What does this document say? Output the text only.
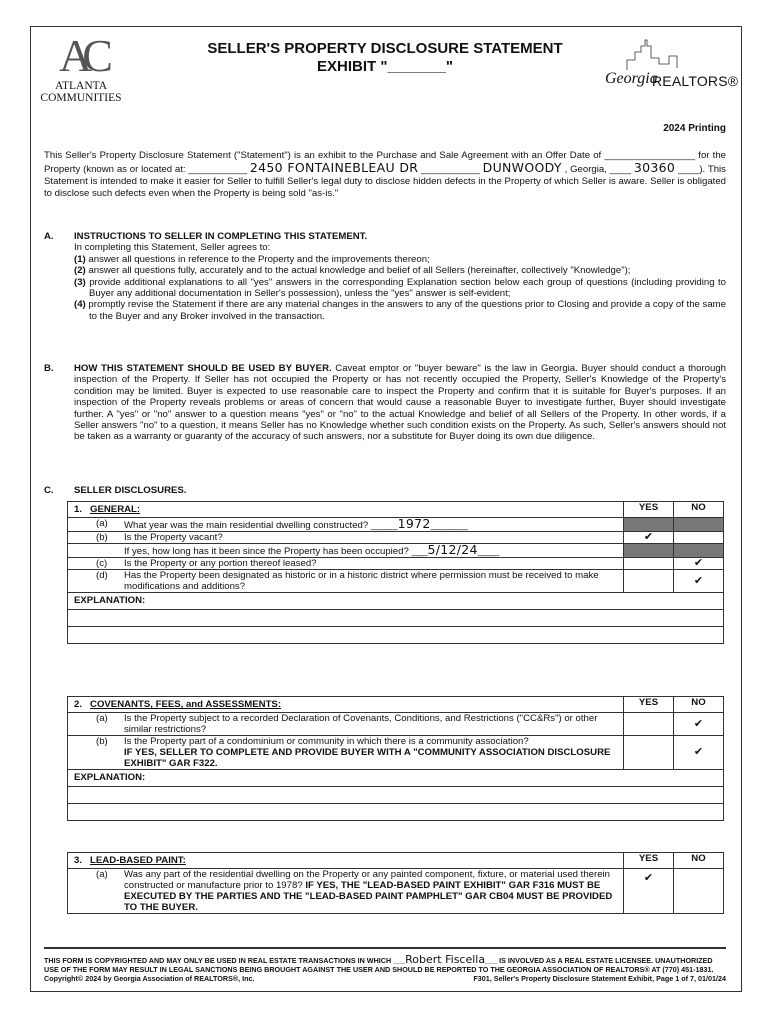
AC
ATLANTA
COMMUNITIES
SELLER'S PROPERTY DISCLOSURE STATEMENT
EXHIBIT "_______"
Georgia
REALTORS®
2024 Printing
This Seller's Property Disclosure Statement ("Statement") is an exhibit to the Purchase and Sale Agreement with an Offer Date of _________________ for the Property (known as or located at: ___________ 2450 FONTAINEBLEAU DR ___________ DUNWOODY , Georgia, ____ 30360 ____). This Statement is intended to make it easier for Seller to fulfill Seller's legal duty to disclose hidden defects in the Property of which Seller is aware. Seller is obligated to disclose such defects even when the Property is being sold "as-is."
A. INSTRUCTIONS TO SELLER IN COMPLETING THIS STATEMENT.
In completing this Statement, Seller agrees to:
(1) answer all questions in reference to the Property and the improvements thereon;
(2) answer all questions fully, accurately and to the actual knowledge and belief of all Sellers (hereinafter, collectively "Knowledge");
(3) provide additional explanations to all "yes" answers in the corresponding Explanation section below each group of questions (including providing to Buyer any additional documentation in Seller's possession), unless the "yes" answer is self-evident;
(4) promptly revise the Statement if there are any material changes in the answers to any of the questions prior to Closing and provide a copy of the same to the Buyer and any Broker involved in the transaction.
B. HOW THIS STATEMENT SHOULD BE USED BY BUYER. Caveat emptor or "buyer beware" is the law in Georgia. Buyer should conduct a thorough inspection of the Property. If Seller has not occupied the Property or has not recently occupied the Property, Seller's Knowledge of the Property's condition may be limited. Buyer is expected to use reasonable care to inspect the Property and confirm that it is suitable for Buyer's purposes. If an inspection of the Property reveals problems or areas of concern that would cause a reasonable Buyer to investigate further, Buyer should investigate further. A "yes" or "no" answer to a question means "yes" or "no" to the actual Knowledge and belief of all Sellers of the Property. In other words, if a Seller answers "no" to a question, it means Seller has no Knowledge whether such condition exists on the Property. As such, Seller's answers should not be taken as a warranty or guaranty of the accuracy of such answers, nor a substitute for Buyer doing its own due diligence.
C. SELLER DISCLOSURES.
1. GENERAL:	YES	NO

(a) What year was the main residential dwelling constructed? _____1972_______		

(b) Is the Property vacant?	✔	

If yes, how long has it been since the Property has been occupied? ___5/12/24____		

(c) Is the Property or any portion thereof leased?		✔

(d) Has the Property been designated as historic or in a historic district where permission must be received to make modifications and additions?		✔
EXPLANATION:		

2. COVENANTS, FEES, and ASSESSMENTS:	YES	NO

(a) Is the Property subject to a recorded Declaration of Covenants, Conditions, and Restrictions ("CC&Rs") or other similar restrictions?		✔

(b) Is the Property part of a condominium or community in which there is a community association?
IF YES, SELLER TO COMPLETE AND PROVIDE BUYER WITH A "COMMUNITY ASSOCIATION DISCLOSURE EXHIBIT" GAR F322.		✔
EXPLANATION:		

3. LEAD-BASED PAINT:	YES	NO

(a) Was any part of the residential dwelling on the Property or any painted component, fixture, or material used therein constructed or manufacture prior to 1978? IF YES, THE "LEAD-BASED PAINT EXHIBIT" GAR F316 MUST BE EXECUTED BY THE PARTIES AND THE "LEAD-BASED PAINT PAMPHLET" GAR CB04 MUST BE PROVIDED TO THE BUYER.	✔	
THIS FORM IS COPYRIGHTED AND MAY ONLY BE USED IN REAL ESTATE TRANSACTIONS IN WHICH ___Robert Fiscella___ IS INVOLVED AS A REAL ESTATE LICENSEE. UNAUTHORIZED USE OF THE FORM MAY RESULT IN LEGAL SANCTIONS BEING BROUGHT AGAINST THE USER AND SHOULD BE REPORTED TO THE GEORGIA ASSOCIATION OF REALTORS® AT (770) 451-1831.
Copyright© 2024 by Georgia Association of REALTORS®, Inc.	F301, Seller's Property Disclosure Statement Exhibit, Page 1 of 7, 01/01/24
